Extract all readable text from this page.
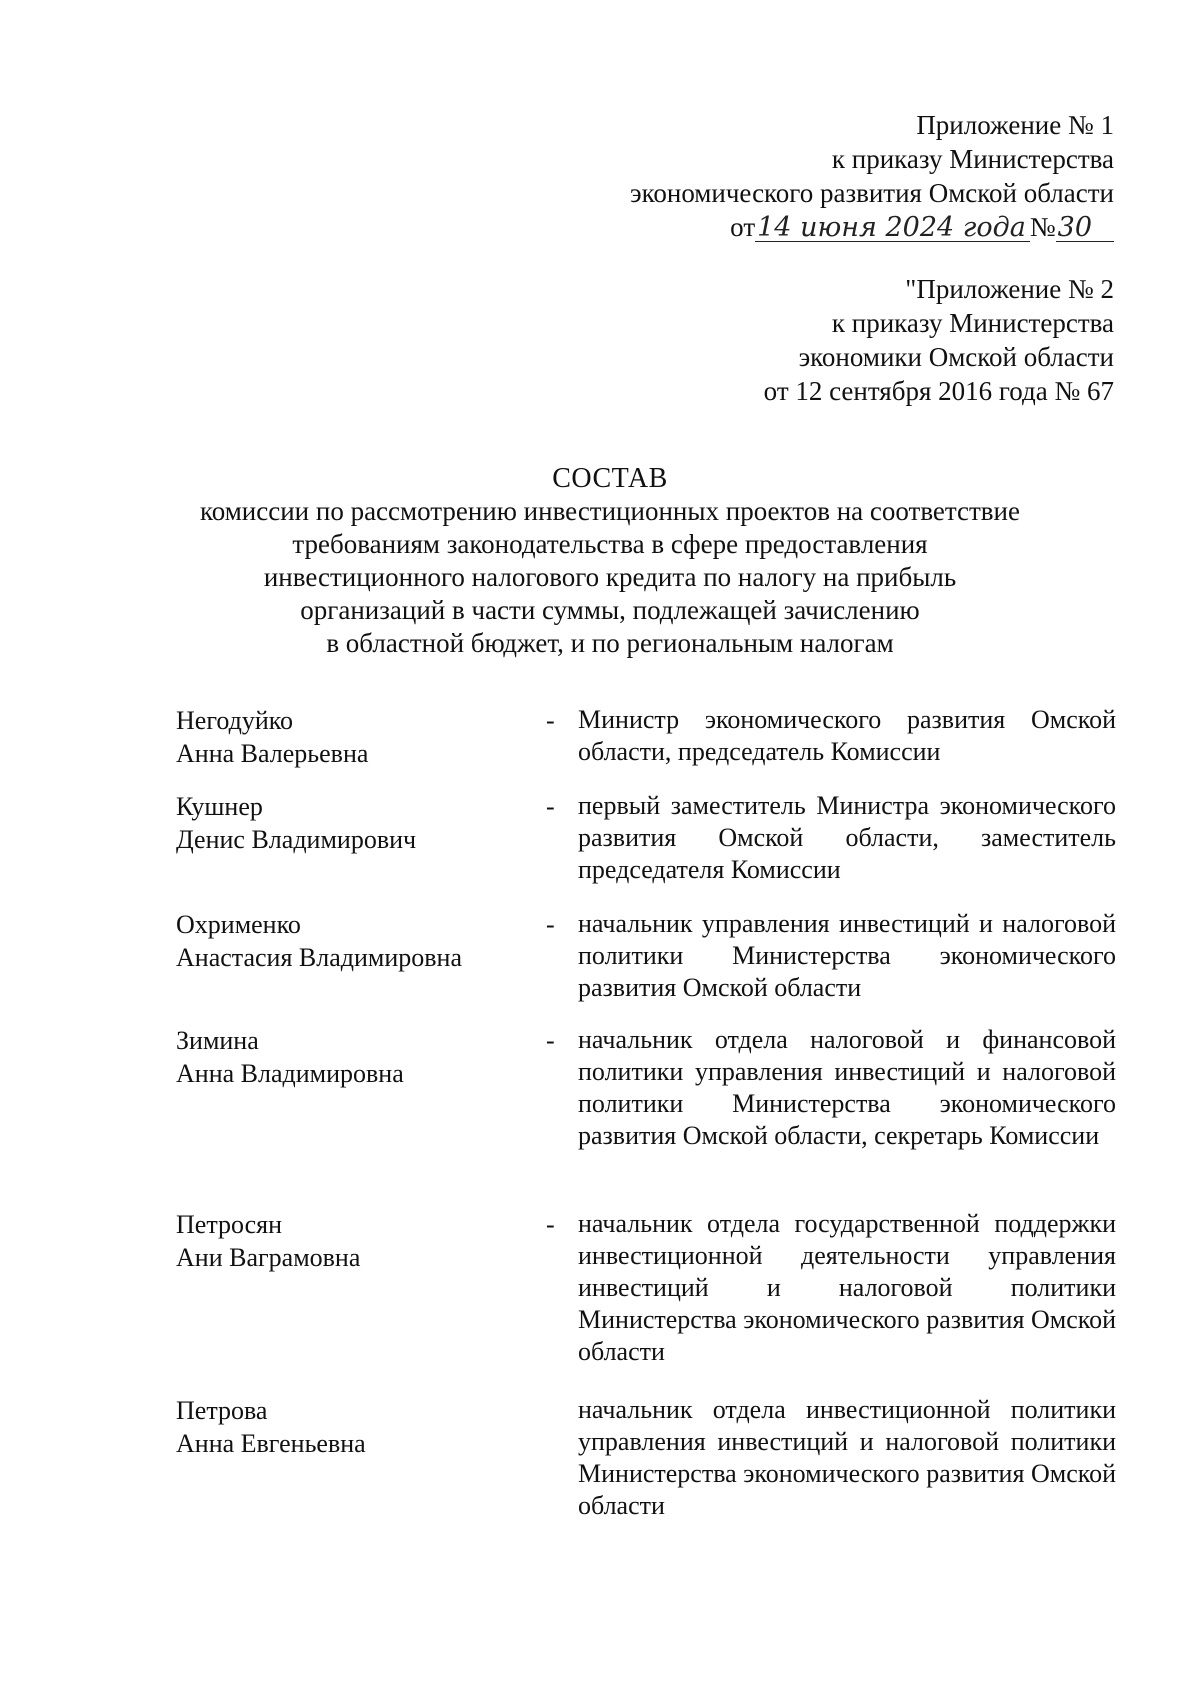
Приложение № 1
к приказу Министерства
экономического развития Омской области
от14 июня 2024 года №30
"Приложение № 2
к приказу Министерства
экономики Омской области
от 12 сентября 2016 года № 67
СОСТАВ
комиссии по рассмотрению инвестиционных проектов на соответствие
требованиям законодательства в сфере предоставления
инвестиционного налогового кредита по налогу на прибыль
организаций в части суммы, подлежащей зачислению
в областной бюджет, и по региональным налогам
Негодуйко
Анна Валерьевна
- Министр экономического развития Омской области, председатель Комиссии
Кушнер
Денис Владимирович
- первый заместитель Министра экономического развития Омской области, заместитель председателя Комиссии
Охрименко
Анастасия Владимировна
- начальник управления инвестиций и налоговой политики Министерства экономического развития Омской области
Зимина
Анна Владимировна
- начальник отдела налоговой и финансовой политики управления инвестиций и налоговой политики Министерства экономического развития Омской области, секретарь Комиссии
Петросян
Ани Ваграмовна
- начальник отдела государственной поддержки инвестиционной деятельности управления инвестиций и налоговой политики Министерства экономического развития Омской области
Петрова
Анна Евгеньевна
начальник отдела инвестиционной политики управления инвестиций и налоговой политики Министерства экономического развития Омской области
